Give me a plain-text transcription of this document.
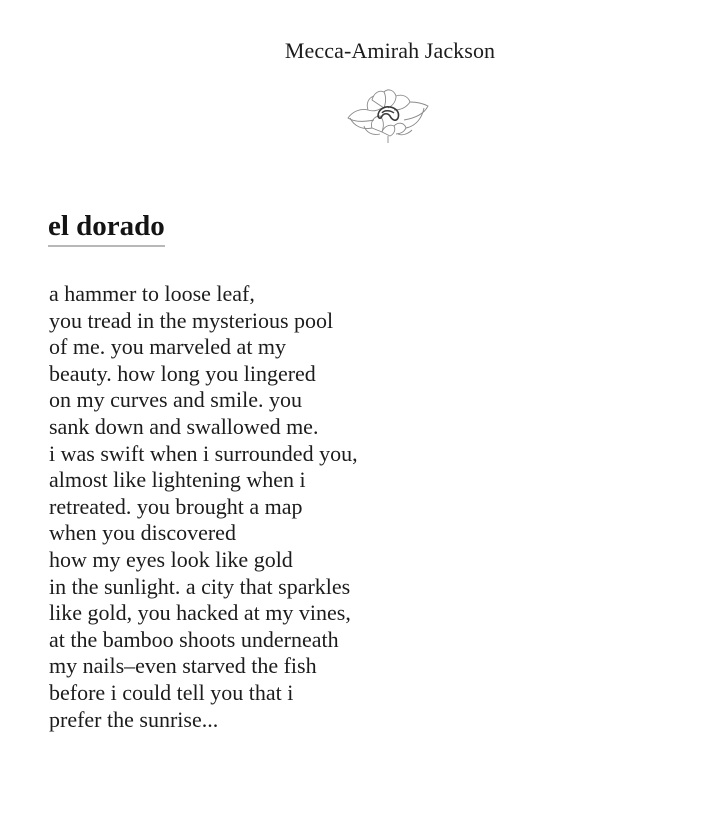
Mecca-Amirah Jackson
el dorado
a hammer to loose leaf,
you tread in the mysterious pool
of me. you marveled at my
beauty. how long you lingered
on my curves and smile. you
sank down and swallowed me.
i was swift when i surrounded you,
almost like lightening when i
retreated. you brought a map
when you discovered
how my eyes look like gold
in the sunlight. a city that sparkles
like gold, you hacked at my vines,
at the bamboo shoots underneath
my nails–even starved the fish
before i could tell you that i
prefer the sunrise...
